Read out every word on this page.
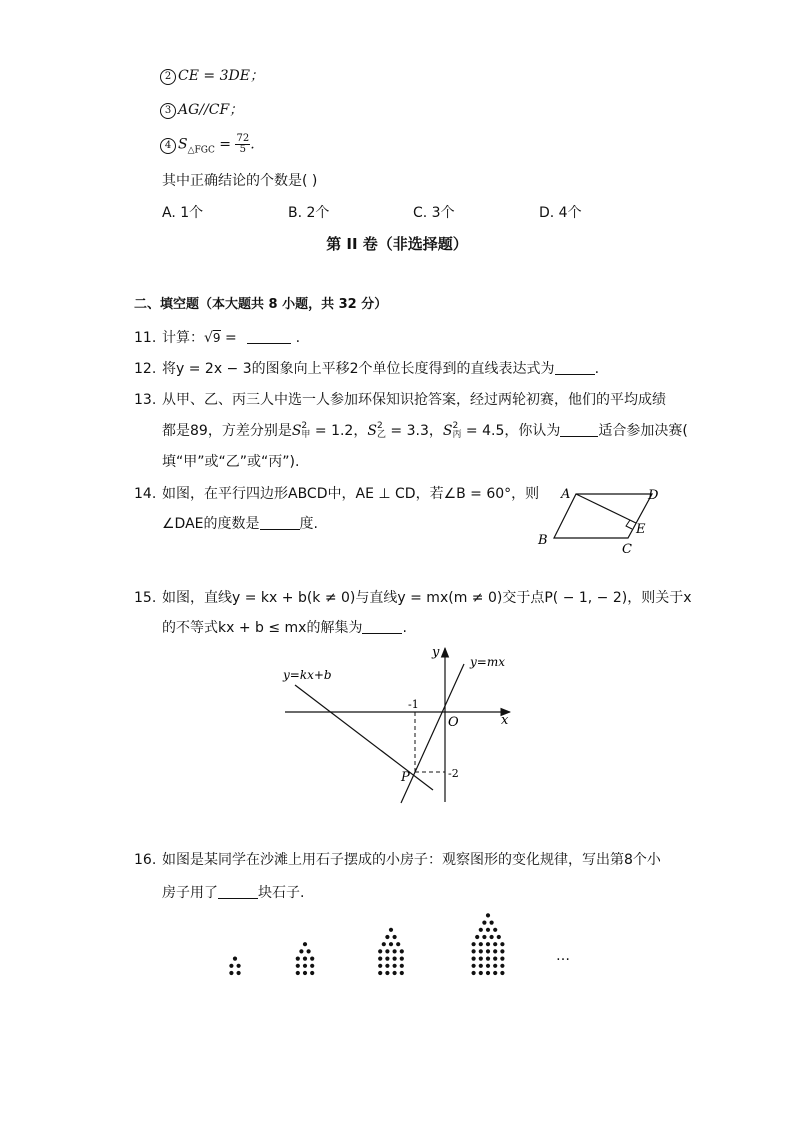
2 CE = 3DE；
3 AG//CF；
4 $S_{\triangle FGC} = \frac{72}{5}$ .
其中正确结论的个数是( )
A. 1个	B. 2个	C. 3个	D. 4个
第 II 卷（非选择题）
二、填空题（本大题共 8 小题，共 32 分）
11. 计算：√9 =	.
12. 将y = 2x − 3的图象向上平移2个单位长度得到的直线表达式为	.
13. 从甲、乙、丙三人中选一人参加环保知识抢答案，经过两轮初赛，他们的平均成绩
都是89，方差分别是S 2
甲 = 1.2，S 2
乙 = 3.3，S 2
丙 = 4.5，你认为	适合参加决赛(
填“甲”或“乙”或“丙”).
14. 如图，在平行四边形ABCD中，AE ⊥ CD，若∠B = 60°，则
∠DAE的度数是	度.
A	D
E
B
C
15. 如图，直线y = kx + b(k ≠ 0)与直线y = mx(m ≠ 0)交于点P( − 1, − 2)，则关于x
的不等式kx + b ≤ mx的解集为	.
y=kx+b
y=mx
x
y
O
-1
-2
P
16. 如图是某同学在沙滩上用石子摆成的小房子：观察图形的变化规律，写出第8个小
房子用了	块石子.
…
